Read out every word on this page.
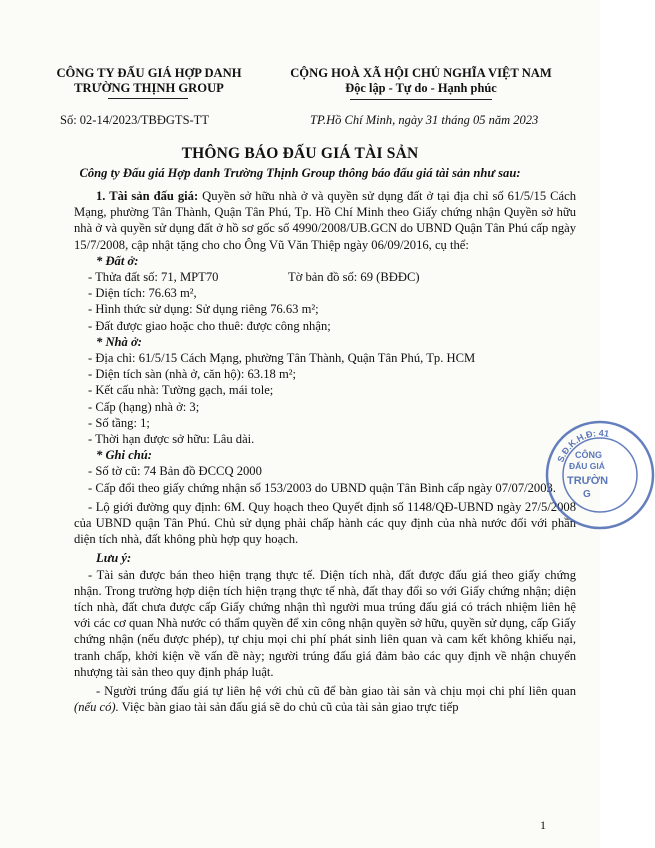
CÔNG TY ĐẤU GIÁ HỢP DANH
TRƯỜNG THỊNH GROUP
CỘNG HOÀ XÃ HỘI CHỦ NGHĨA VIỆT NAM
Độc lập - Tự do - Hạnh phúc
Số: 02-14/2023/TBĐGTS-TT	TP.Hồ Chí Minh, ngày 31 tháng 05 năm 2023
THÔNG BÁO ĐẤU GIÁ TÀI SẢN
Công ty Đấu giá Hợp danh Trường Thịnh Group thông báo đấu giá tài sản như sau:

1. Tài sản đấu giá: Quyền sở hữu nhà ở và quyền sử dụng đất ở tại địa chỉ số 61/5/15 Cách Mạng, phường Tân Thành, Quận Tân Phú, Tp. Hồ Chí Minh theo Giấy chứng nhận Quyền sở hữu nhà ở và quyền sử dụng đất ở hồ sơ gốc số 4990/2008/UB.GCN do UBND Quận Tân Phú cấp ngày 15/7/2008, cập nhật tặng cho cho Ông Vũ Văn Thiệp ngày 06/09/2016, cụ thể:

* Đất ở:

- Thửa đất số: 71, MPT70	Tờ bản đồ số: 69 (BĐĐC)

- Diện tích: 76.63 m²,

- Hình thức sử dụng: Sử dụng riêng 76.63 m²;

- Đất được giao hoặc cho thuê: được công nhận;

* Nhà ở:

- Địa chỉ: 61/5/15 Cách Mạng, phường Tân Thành, Quận Tân Phú, Tp. HCM

- Diện tích sàn (nhà ở, căn hộ): 63.18 m²;

- Kết cấu nhà: Tường gạch, mái tole;

- Cấp (hạng) nhà ở: 3;

- Số tầng: 1;

- Thời hạn được sở hữu: Lâu dài.

* Ghi chú:

- Số tờ cũ: 74 Bản đồ ĐCCQ 2000

- Cấp đổi theo giấy chứng nhận số 153/2003 do UBND quận Tân Bình cấp ngày 07/07/2003.

- Lộ giới đường quy định: 6M. Quy hoạch theo Quyết định số 1148/QĐ-UBND ngày 27/5/2008 của UBND quận Tân Phú. Chủ sử dụng phải chấp hành các quy định của nhà nước đối với phần diện tích nhà, đất không phù hợp quy hoạch.

Lưu ý:

- Tài sản được bán theo hiện trạng thực tế. Diện tích nhà, đất được đấu giá theo giấy chứng nhận. Trong trường hợp diện tích hiện trạng thực tế nhà, đất thay đổi so với Giấy chứng nhận; diện tích nhà, đất chưa được cấp Giấy chứng nhận thì người mua trúng đấu giá có trách nhiệm liên hệ với các cơ quan Nhà nước có thẩm quyền để xin công nhận quyền sở hữu, quyền sử dụng, cấp Giấy chứng nhận (nếu được phép), tự chịu mọi chi phí phát sinh liên quan và cam kết không khiếu nại, tranh chấp, khởi kiện về vấn đề này; người trúng đấu giá đảm bảo các quy định về nhận chuyển nhượng tài sản theo quy định pháp luật.

- Người trúng đấu giá tự liên hệ với chủ cũ để bàn giao tài sản và chịu mọi chi phí liên quan (nếu có). Việc bàn giao tài sản đấu giá sẽ do chủ cũ của tài sản giao trực tiếp

S.Đ.K.H.Đ: 41
CÔNG
ĐẤU GIÁ
TRƯỜN
G
1
